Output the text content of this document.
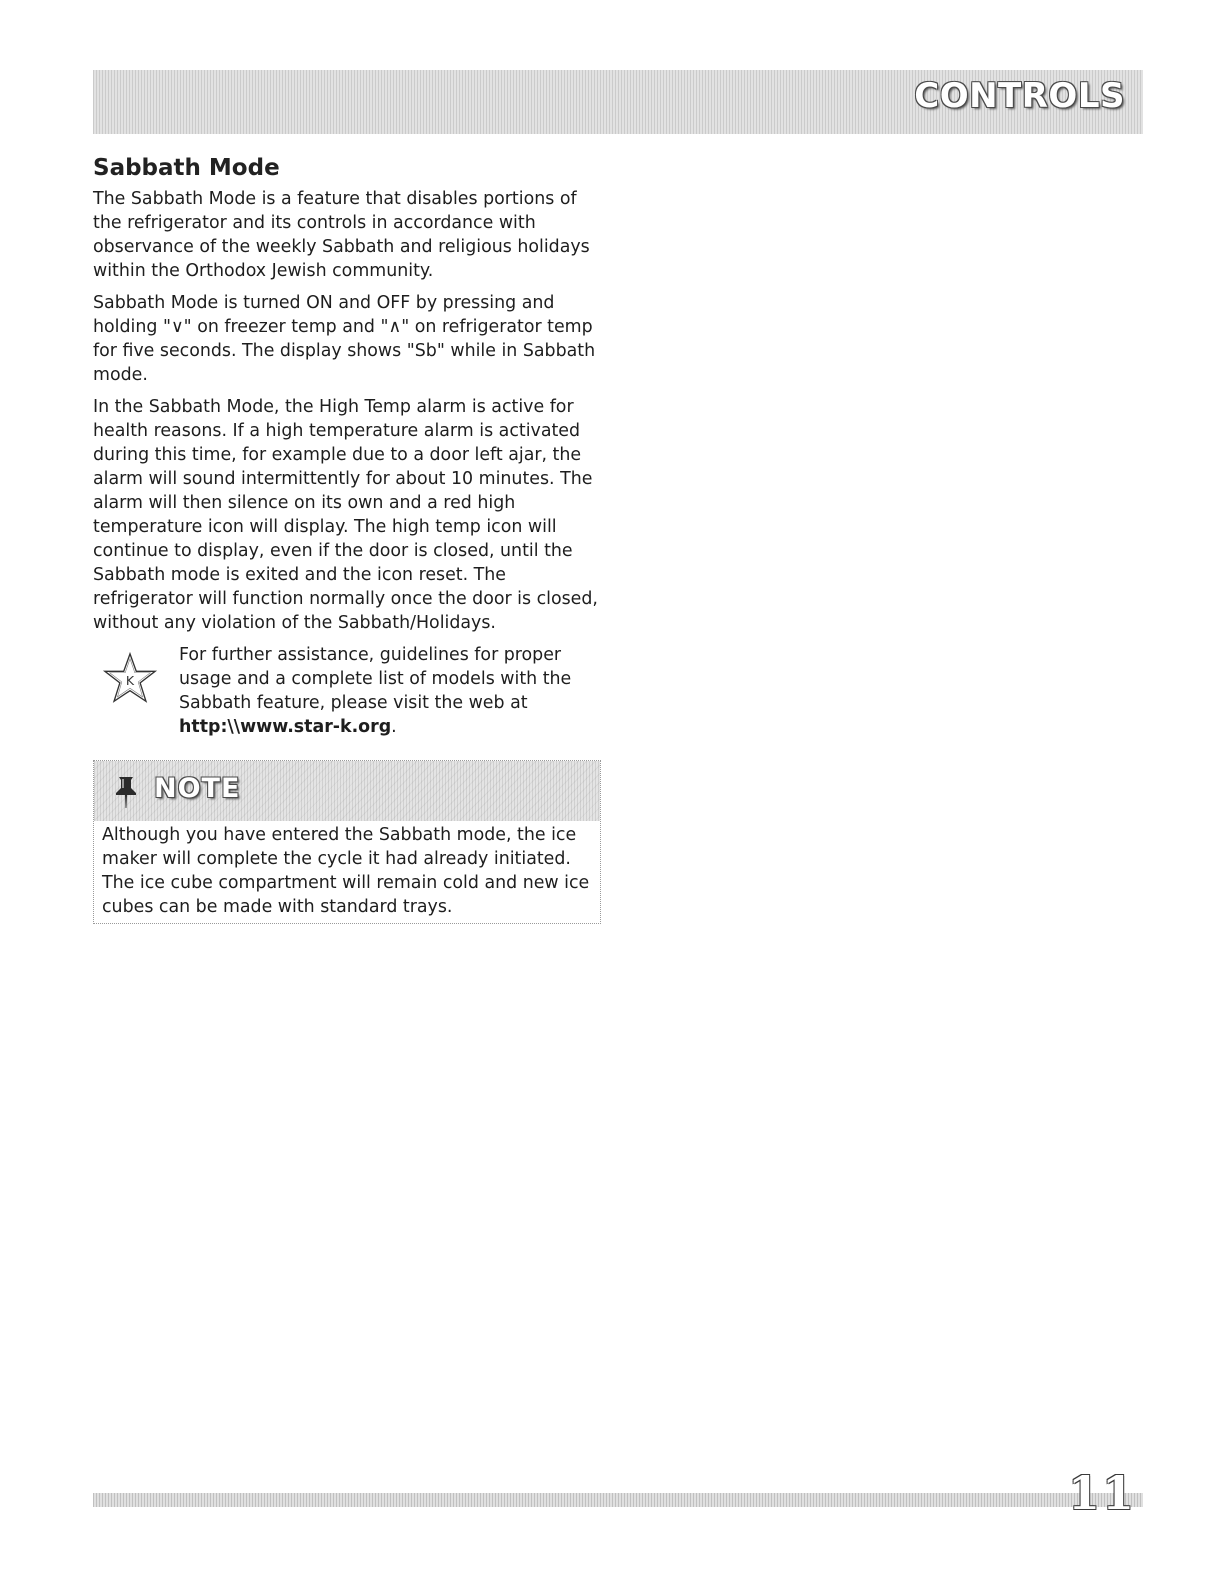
CONTROLS
Sabbath Mode

The Sabbath Mode is a feature that disables portions of the refrigerator and its controls in accordance with observance of the weekly Sabbath and religious holidays within the Orthodox Jewish community.

Sabbath Mode is turned ON and OFF by pressing and holding "∨" on freezer temp and "∧" on refrigerator temp for five seconds. The display shows "Sb" while in Sabbath mode.

In the Sabbath Mode, the High Temp alarm is active for health reasons. If a high temperature alarm is activated during this time, for example due to a door left ajar, the alarm will sound intermittently for about 10 minutes. The alarm will then silence on its own and a red high temperature icon will display. The high temp icon will continue to display, even if the door is closed, until the Sabbath mode is exited and the icon reset. The refrigerator will function normally once the door is closed, without any violation of the Sabbath/Holidays.

K
For further assistance, guidelines for proper usage and a complete list of models with the Sabbath feature, please visit the web at
http:\\www.star-k.org.
NOTE

Although you have entered the Sabbath mode, the ice maker will complete the cycle it had already initiated. The ice cube compartment will remain cold and new ice cubes can be made with standard trays.

11
